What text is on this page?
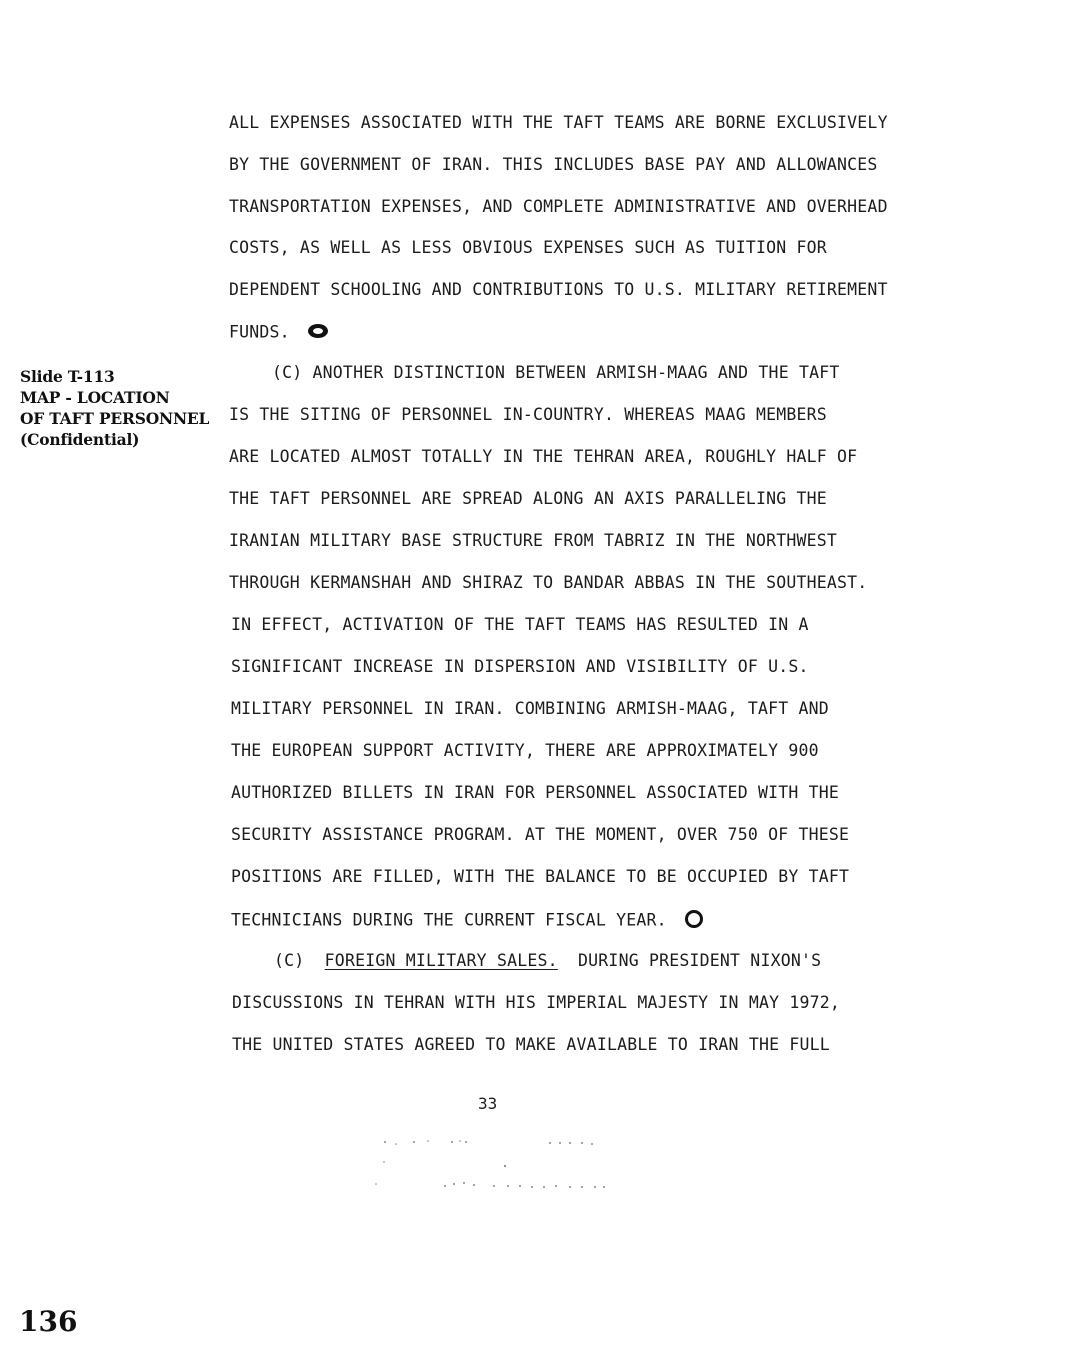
ALL EXPENSES ASSOCIATED WITH THE TAFT TEAMS ARE BORNE EXCLUSIVELY
BY THE GOVERNMENT OF IRAN. THIS INCLUDES BASE PAY AND ALLOWANCES
TRANSPORTATION EXPENSES, AND COMPLETE ADMINISTRATIVE AND OVERHEAD
COSTS, AS WELL AS LESS OBVIOUS EXPENSES SUCH AS TUITION FOR
DEPENDENT SCHOOLING AND CONTRIBUTIONS TO U.S. MILITARY RETIREMENT
FUNDS.
Slide T-113
MAP - LOCATION
OF TAFT PERSONNEL
(Confidential)
(C) ANOTHER DISTINCTION BETWEEN ARMISH-MAAG AND THE TAFT
IS THE SITING OF PERSONNEL IN-COUNTRY. WHEREAS MAAG MEMBERS
ARE LOCATED ALMOST TOTALLY IN THE TEHRAN AREA, ROUGHLY HALF OF
THE TAFT PERSONNEL ARE SPREAD ALONG AN AXIS PARALLELING THE
IRANIAN MILITARY BASE STRUCTURE FROM TABRIZ IN THE NORTHWEST
THROUGH KERMANSHAH AND SHIRAZ TO BANDAR ABBAS IN THE SOUTHEAST.
IN EFFECT, ACTIVATION OF THE TAFT TEAMS HAS RESULTED IN A
SIGNIFICANT INCREASE IN DISPERSION AND VISIBILITY OF U.S.
MILITARY PERSONNEL IN IRAN. COMBINING ARMISH-MAAG, TAFT AND
THE EUROPEAN SUPPORT ACTIVITY, THERE ARE APPROXIMATELY 900
AUTHORIZED BILLETS IN IRAN FOR PERSONNEL ASSOCIATED WITH THE
SECURITY ASSISTANCE PROGRAM. AT THE MOMENT, OVER 750 OF THESE
POSITIONS ARE FILLED, WITH THE BALANCE TO BE OCCUPIED BY TAFT
TECHNICIANS DURING THE CURRENT FISCAL YEAR.
(C)  FOREIGN MILITARY SALES.  DURING PRESIDENT NIXON'S
DISCUSSIONS IN TEHRAN WITH HIS IMPERIAL MAJESTY IN MAY 1972,
THE UNITED STATES AGREED TO MAKE AVAILABLE TO IRAN THE FULL
33
136
